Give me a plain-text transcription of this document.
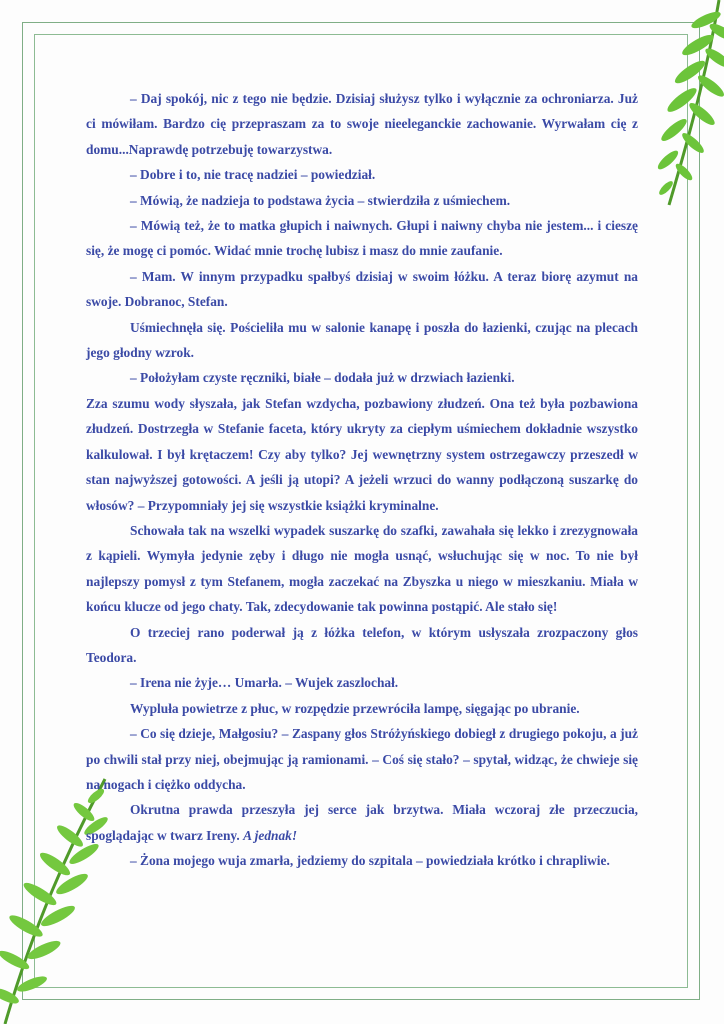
– Daj spokój, nic z tego nie będzie. Dzisiaj służysz tylko i wyłącznie za ochroniarza. Już ci mówiłam. Bardzo cię przepraszam za to swoje nieeleganckie zachowanie. Wyrwałam cię z domu...Naprawdę potrzebuję towarzystwa.

– Dobre i to, nie tracę nadziei – powiedział.

– Mówią, że nadzieja to podstawa życia – stwierdziła z uśmiechem.

– Mówią też, że to matka głupich i naiwnych. Głupi i naiwny chyba nie jestem... i cieszę się, że mogę ci pomóc. Widać mnie trochę lubisz i masz do mnie zaufanie.

– Mam. W innym przypadku spałbyś dzisiaj w swoim łóżku. A teraz biorę azymut na swoje. Dobranoc, Stefan.

Uśmiechnęła się. Pościeliła mu w salonie kanapę i poszła do łazienki, czując na plecach jego głodny wzrok.

– Położyłam czyste ręczniki, białe – dodała już w drzwiach łazienki.

Zza szumu wody słyszała, jak Stefan wzdycha, pozbawiony złudzeń. Ona też była pozbawiona złudzeń. Dostrzegła w Stefanie faceta, który ukryty za ciepłym uśmiechem dokładnie wszystko kalkulował. I był krętaczem! Czy aby tylko? Jej wewnętrzny system ostrzegawczy przeszedł w stan najwyższej gotowości. A jeśli ją utopi? A jeżeli wrzuci do wanny podłączoną suszarkę do włosów? – Przypomniały jej się wszystkie książki kryminalne.

Schowała tak na wszelki wypadek suszarkę do szafki, zawahała się lekko i zrezygnowała z kąpieli. Wymyła jedynie zęby i długo nie mogła usnąć, wsłuchując się w noc. To nie był najlepszy pomysł z tym Stefanem, mogła zaczekać na Zbyszka u niego w mieszkaniu. Miała w końcu klucze od jego chaty. Tak, zdecydowanie tak powinna postąpić. Ale stało się!

O trzeciej rano poderwał ją z łóżka telefon, w którym usłyszała zrozpaczony głos Teodora.

– Irena nie żyje… Umarła. – Wujek zaszlochał.

Wypluła powietrze z płuc, w rozpędzie przewróciła lampę, sięgając po ubranie.

– Co się dzieje, Małgosiu? – Zaspany głos Stróżyńskiego dobiegł z drugiego pokoju, a już po chwili stał przy niej, obejmując ją ramionami. – Coś się stało? – spytał, widząc, że chwieje się na nogach i ciężko oddycha.

Okrutna prawda przeszyła jej serce jak brzytwa. Miała wczoraj złe przeczucia, spoglądając w twarz Ireny. A jednak!

– Żona mojego wuja zmarła, jedziemy do szpitala – powiedziała krótko i chrapliwie.
